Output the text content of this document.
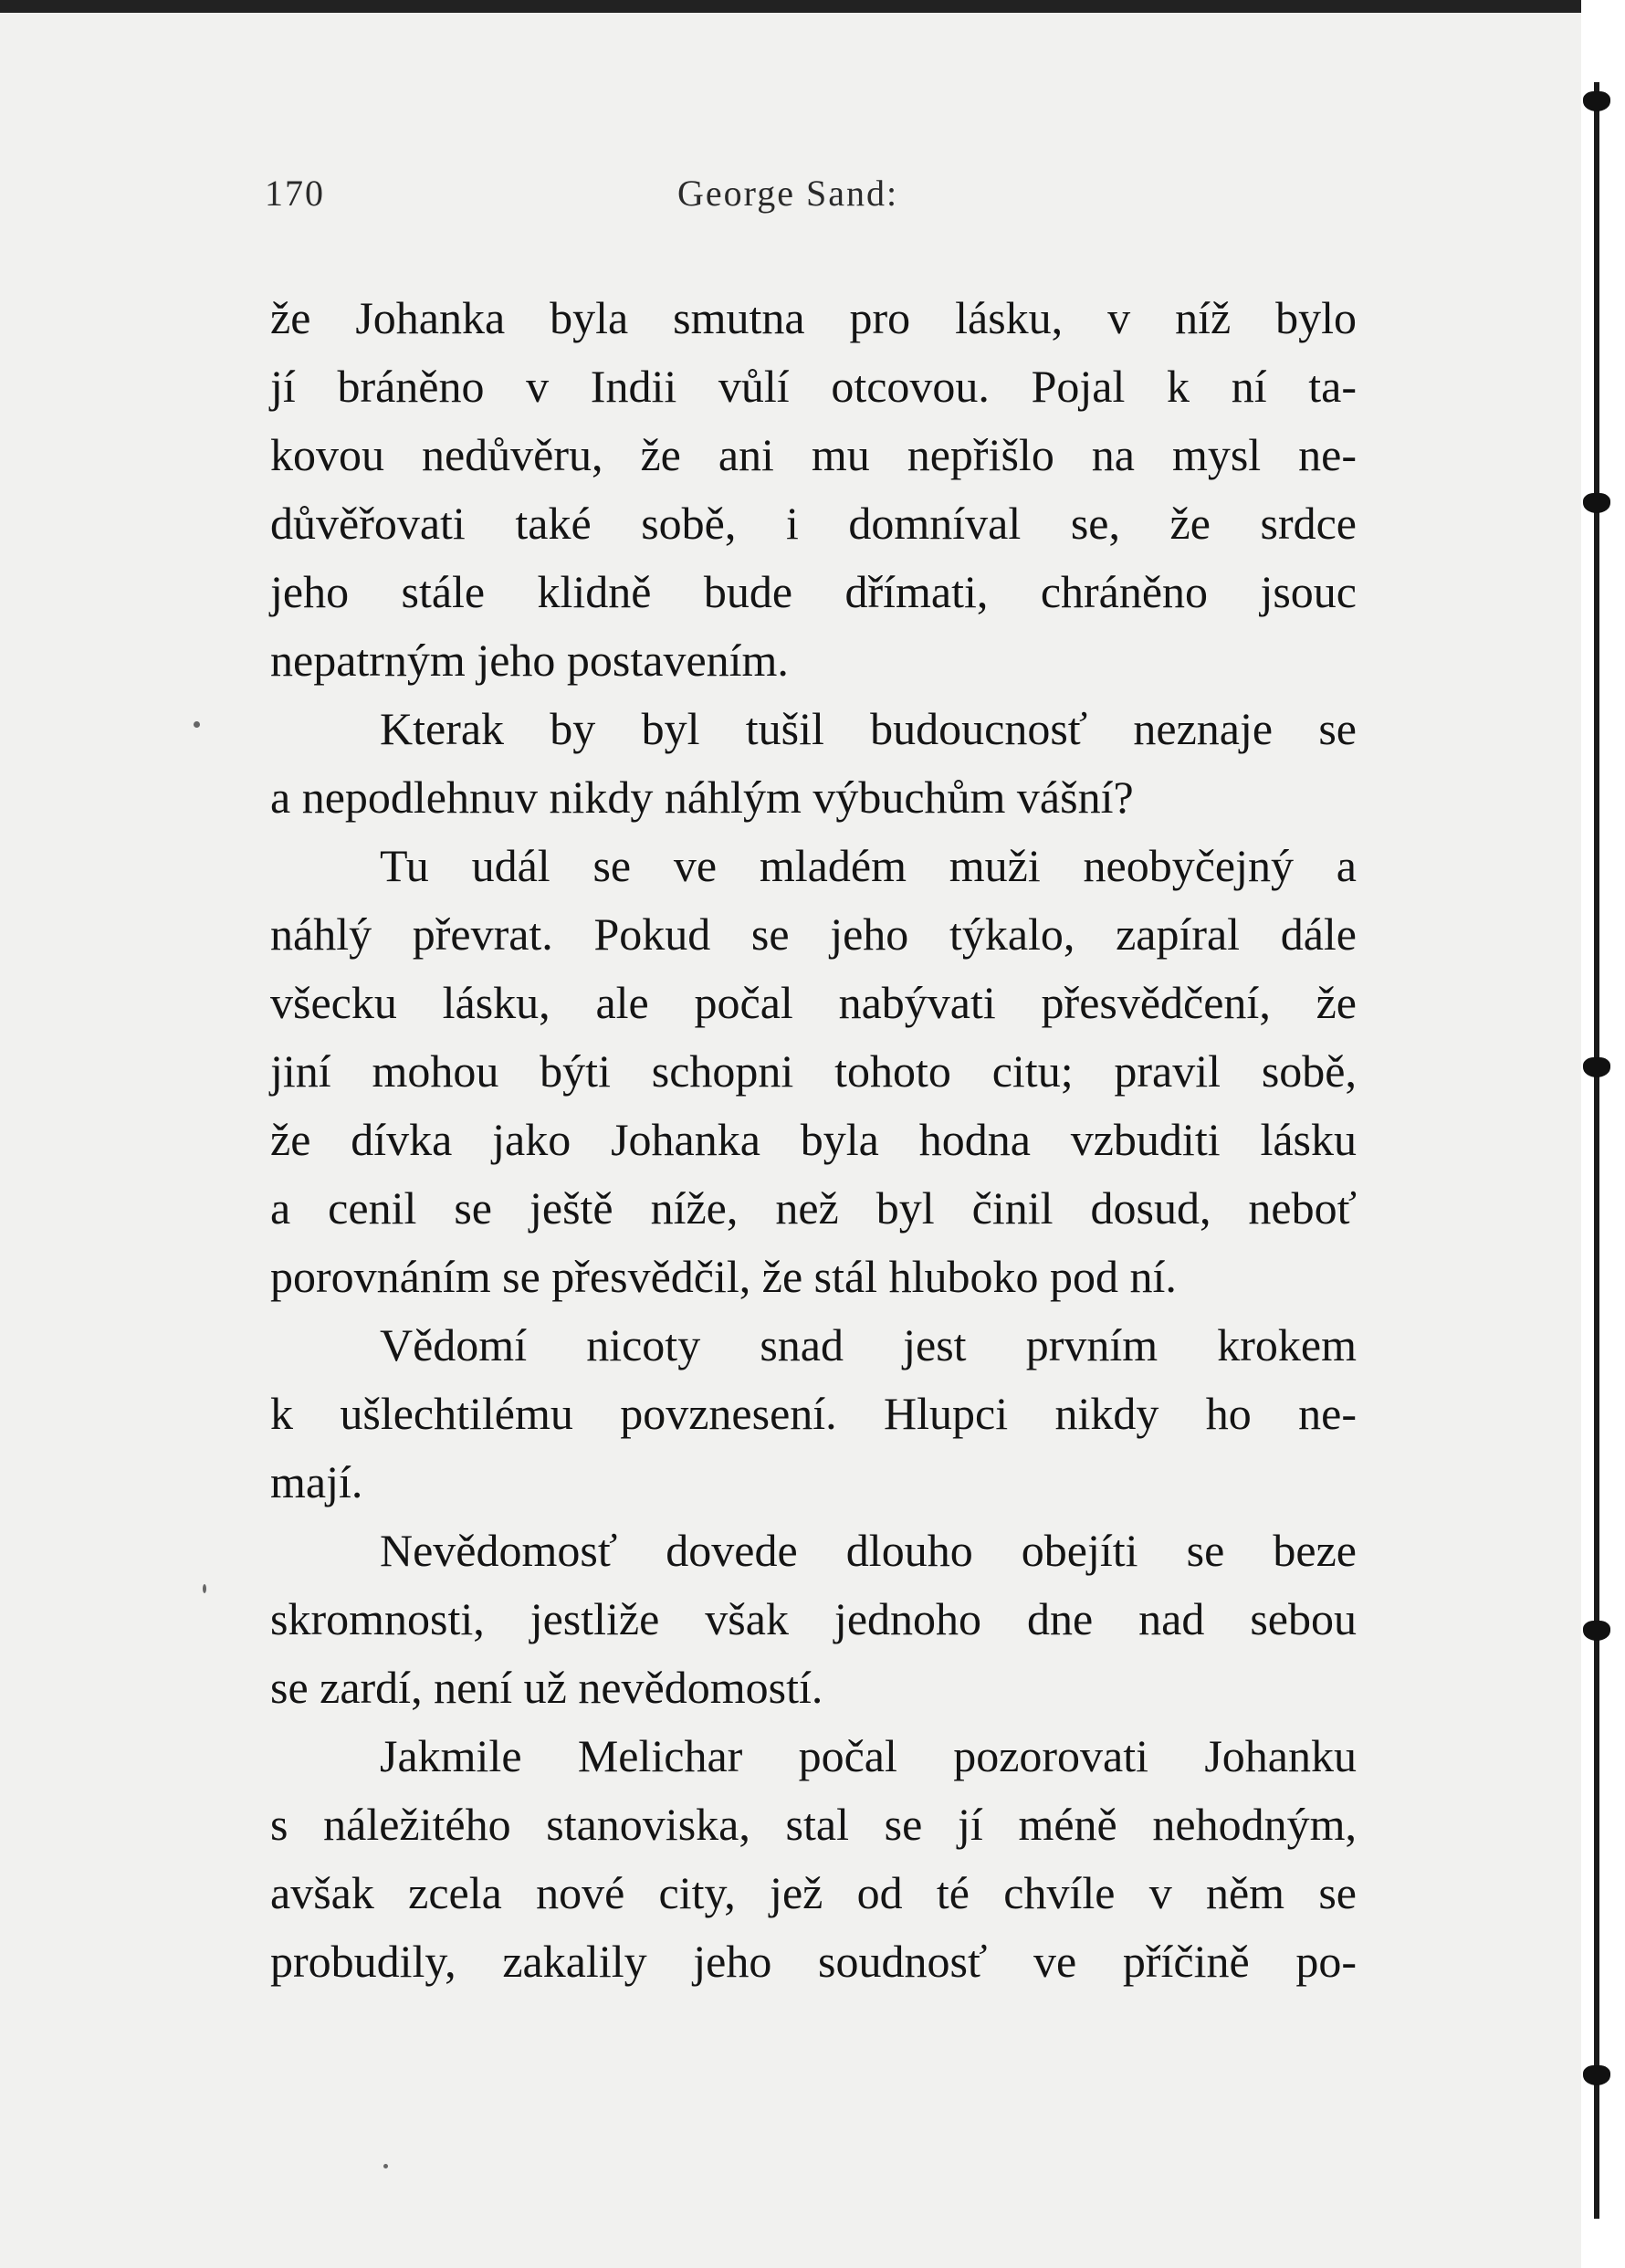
170	George Sand:
že Johanka byla smutna pro lásku, v níž bylo
jí bráněno v Indii vůlí otcovou. Pojal k ní ta-
kovou nedůvěru, že ani mu nepřišlo na mysl ne-
důvěřovati také sobě, i domníval se, že srdce
jeho stále klidně bude dřímati, chráněno jsouc
nepatrným jeho postavením.
Kterak by byl tušil budoucnosť neznaje se
a nepodlehnuv nikdy náhlým výbuchům vášní?
Tu udál se ve mladém muži neobyčejný a
náhlý převrat. Pokud se jeho týkalo, zapíral dále
všecku lásku, ale počal nabývati přesvědčení, že
jiní mohou býti schopni tohoto citu; pravil sobě,
že dívka jako Johanka byla hodna vzbuditi lásku
a cenil se ještě níže, než byl činil dosud, neboť
porovnáním se přesvědčil, že stál hluboko pod ní.
Vědomí nicoty snad jest prvním krokem
k ušlechtilému povznesení. Hlupci nikdy ho ne-
mají.
Nevědomosť dovede dlouho obejíti se beze
skromnosti, jestliže však jednoho dne nad sebou
se zardí, není už nevědomostí.
Jakmile Melichar počal pozorovati Johanku
s náležitého stanoviska, stal se jí méně nehodným,
avšak zcela nové city, jež od té chvíle v něm se
probudily, zakalily jeho soudnosť ve příčině po-
